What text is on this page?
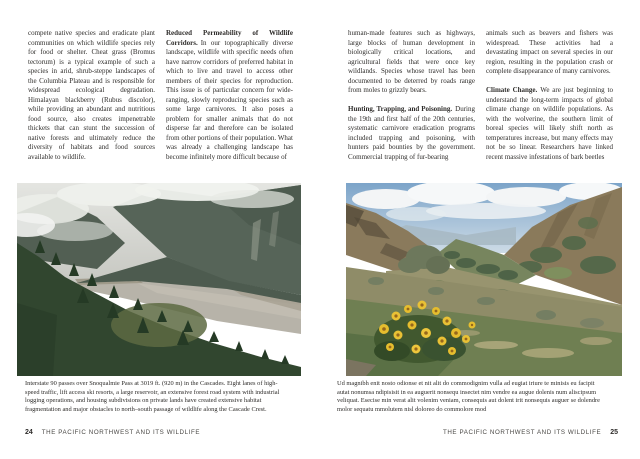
compete native species and eradicate plant communities on which wildlife species rely for food or shelter. Cheat grass (Bromus tectorum) is a typical example of such a species in arid, shrub-steppe landscapes of the Columbia Plateau and is responsible for widespread ecological degradation. Himalayan blackberry (Rubus discolor), while providing an abundant and nutritious food source, also creates impenetrable thickets that can stunt the succession of native forests and ultimately reduce the diversity of habitats and food sources available to wildlife.

Reduced Permeability of Wildlife Corridors. In our topographically diverse landscape, wildlife with specific needs often have narrow corridors of preferred habitat in which to live and travel to access other members of their species for reproduction. This issue is of particular concern for wide-ranging, slowly reproducing species such as some large carnivores. It also poses a problem for smaller animals that do not disperse far and therefore can be isolated from other portions of their population. What was already a challenging landscape has become infinitely more difficult because of

human-made features such as highways, large blocks of human development in biologically critical locations, and agricultural fields that were once key wildlands. Species whose travel has been documented to be deterred by roads range from moles to grizzly bears.

Hunting, Trapping, and Poisoning. During the 19th and first half of the 20th centuries, systematic carnivore eradication programs included trapping and poisoning, with hunters paid bounties by the government. Commercial trapping of fur-bearing

animals such as beavers and fishers was widespread. These activities had a devastating impact on several species in our region, resulting in the population crash or complete disappearance of many carnivores.

Climate Change. We are just beginning to understand the long-term impacts of global climate change on wildlife populations. As with the wolverine, the southern limit of boreal species will likely shift north as temperatures increase, but many effects may not be so linear. Researchers have linked recent massive infestations of bark beetles

Interstate 90 passes over Snoqualmie Pass at 3019 ft. (920 m) in the Cascades. Eight lanes of high-speed traffic, lift access ski resorts, a large reservoir, an extensive forest road system with industrial logging operations, and housing subdivisions on private lands have created extensive habitat fragmentation and major obstacles to north–south passage of wildlife along the Cascade Crest.
Ud magnibh enit nosto odionse et nit alit do commodignim vulla ad eugiat iriure te minisis eu facipit autat nonumsa ndipisisit in ea auguerit nonsequ insectet nim vendre ea augue dolenis num aliscipsum veliquat. Esecise min verat alit volenim veniam, consequis aut dolent irit nonsequis auguer se dolendre molor sequatu mmolutem nisl doloreo do commolore mod
24 THE PACIFIC NORTHWEST AND ITS WILDLIFE	THE PACIFIC NORTHWEST AND ITS WILDLIFE 25
